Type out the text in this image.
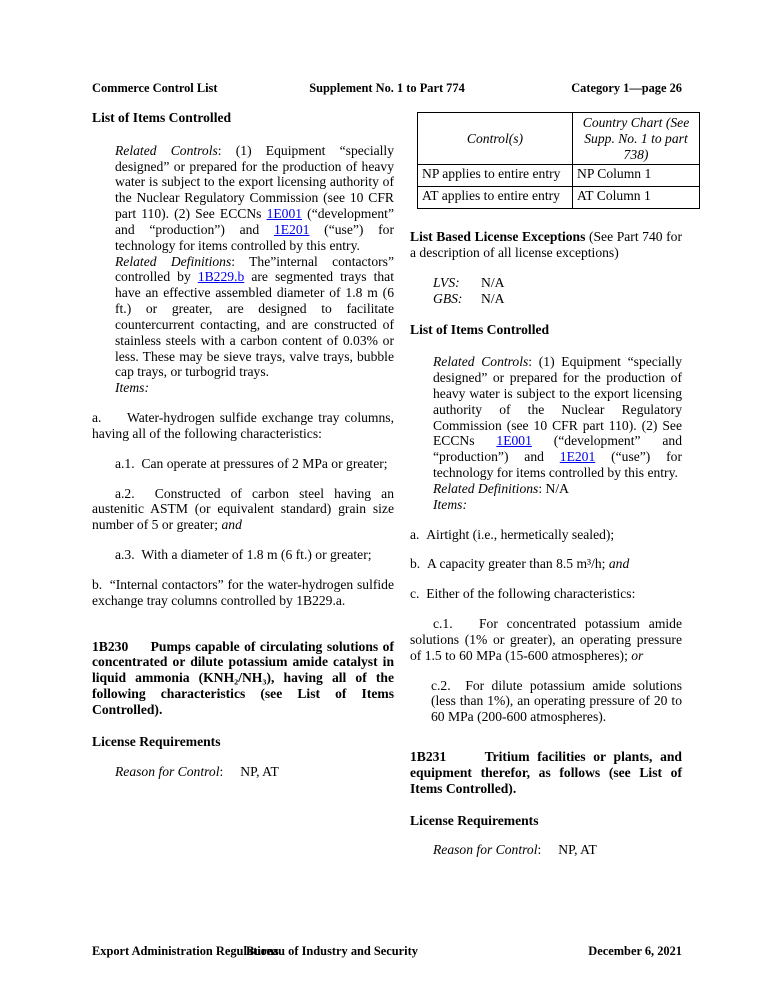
Commerce Control List	Supplement No. 1 to Part 774	Category 1—page 26

List of Items Controlled

Related Controls: (1) Equipment “specially designed” or prepared for the production of heavy water is subject to the export licensing authority of the Nuclear Regulatory Commission (see 10 CFR part 110). (2) See ECCNs 1E001 (“development” and “production”) and 1E201 (“use”) for technology for items controlled by this entry.

Related Definitions: The”internal contactors” controlled by 1B229.b are segmented trays that have an effective assembled diameter of 1.8 m (6 ft.) or greater, are designed to facilitate countercurrent contacting, and are constructed of stainless steels with a carbon content of 0.03% or less. These may be sieve trays, valve trays, bubble cap trays, or turbogrid trays.

Items:

a.     Water-hydrogen sulfide exchange tray columns, having all of the following characteristics:

a.1.  Can operate at pressures of 2 MPa or greater;

a.2.  Constructed of carbon steel having an austenitic ASTM (or equivalent standard) grain size number of 5 or greater; and

a.3.  With a diameter of 1.8 m (6 ft.) or greater;

b.  “Internal contactors” for the water-hydrogen sulfide exchange tray columns controlled by 1B229.a.

1B230     Pumps capable of circulating solutions of concentrated or dilute potassium amide catalyst in liquid ammonia (KNH₂/NH₃), having all of the following characteristics (see List of Items Controlled).

License Requirements

Reason for Control: NP, AT

Control(s)	Country Chart (See Supp. No. 1 to part 738)
NP applies to entire entry	NP Column 1
AT applies to entire entry	AT Column 1

List Based License Exceptions (See Part 740 for a description of all license exceptions)

LVS: N/A

GBS: N/A

List of Items Controlled

Related Controls: (1) Equipment “specially designed” or prepared for the production of heavy water is subject to the export licensing authority of the Nuclear Regulatory Commission (see 10 CFR part 110). (2) See ECCNs 1E001 (“development” and “production”) and 1E201 (“use”) for technology for items controlled by this entry.

Related Definitions: N/A

Items:

a.  Airtight (i.e., hermetically sealed);

b.  A capacity greater than 8.5 m³/h; and

c.  Either of the following characteristics:

c.1.   For concentrated potassium amide solutions (1% or greater), an operating pressure of 1.5 to 60 MPa (15-600 atmospheres); or

c.2.  For dilute potassium amide solutions (less than 1%), an operating pressure of 20 to 60 MPa (200-600 atmospheres).

1B231     Tritium facilities or plants, and equipment therefor, as follows (see List of Items Controlled).

License Requirements

Reason for Control: NP, AT

Export Administration Regulations
Bureau of Industry and Security	December 6, 2021
